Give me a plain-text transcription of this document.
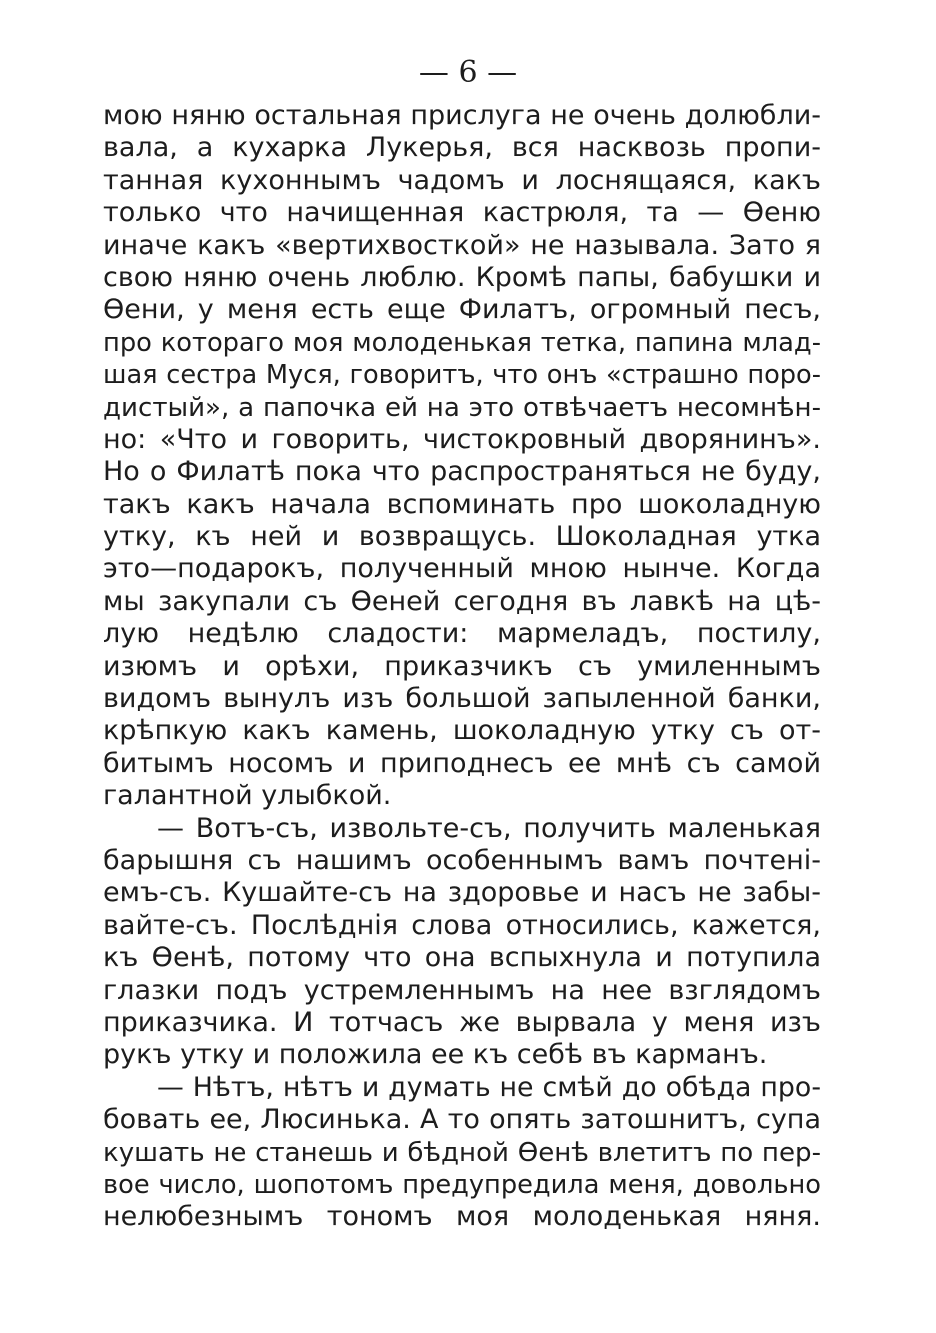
— 6 —
мою няню остальная прислуга не очень долюбли-
вала, а кухарка Лукерья, вся насквозь пропи-
танная кухоннымъ чадомъ и лоснящаяся, какъ
только что начищенная кастрюля, та — Ѳеню
иначе какъ «вертихвосткой» не называла. Зато я
свою няню очень люблю. Кромѣ папы, бабушки и
Ѳени, у меня есть еще Филатъ, огромный песъ,
про котораго моя молоденькая тетка, папина млад-
шая сестра Муся, говоритъ, что онъ «страшно поро-
дистый», а папочка ей на это отвѣчаетъ несомнѣн-
но: «Что и говорить, чистокровный дворянинъ».
Но о Филатѣ пока что распространяться не буду,
такъ какъ начала вспоминать про шоколадную
утку, къ ней и возвращусь. Шоколадная утка
это—подарокъ, полученный мною нынче. Когда
мы закупали съ Ѳеней сегодня въ лавкѣ на цѣ-
лую недѣлю сладости: мармеладъ, постилу,
изюмъ и орѣхи, приказчикъ съ умиленнымъ
видомъ вынулъ изъ большой запыленной банки,
крѣпкую какъ камень, шоколадную утку съ от-
битымъ носомъ и приподнесъ ее мнѣ съ самой
галантной улыбкой.
— Вотъ-съ, извольте-съ, получить маленькая
барышня съ нашимъ особеннымъ вамъ почтенi-
емъ-съ. Кушайте-съ на здоровье и насъ не забы-
вайте-съ. Послѣднiя слова относились, кажется,
къ Ѳенѣ, потому что она вспыхнула и потупила
глазки подъ устремленнымъ на нее взглядомъ
приказчика. И тотчасъ же вырвала у меня изъ
рукъ утку и положила ее къ себѣ въ карманъ.
— Нѣтъ, нѣтъ и думать не смѣй до обѣда про-
бовать ее, Люсинька. А то опять затошнитъ, супа
кушать не станешь и бѣдной Ѳенѣ влетитъ по пер-
вое число, шопотомъ предупредила меня, довольно
нелюбезнымъ тономъ моя молоденькая няня.
